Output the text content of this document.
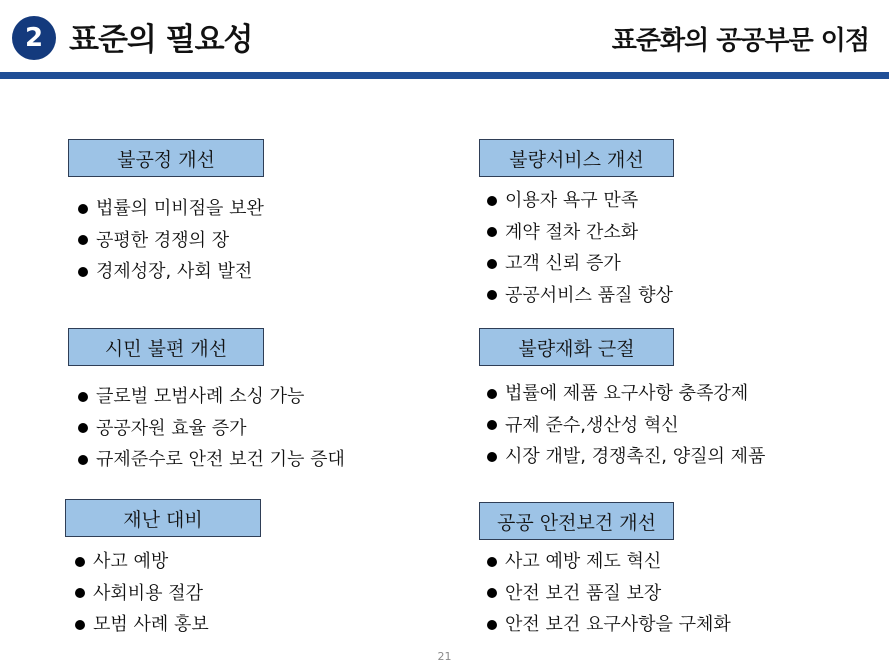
2 표준의 필요성	표준화의 공공부문 이점
불공정 개선
법률의 미비점을 보완
공평한 경쟁의 장
경제성장, 사회 발전
불량서비스 개선
이용자 욕구 만족
계약 절차 간소화
고객 신뢰 증가
공공서비스 품질 향상
시민 불편 개선
글로벌 모범사례 소싱 가능
공공자원 효율 증가
규제준수로 안전 보건 기능 증대
불량재화 근절
법률에 제품 요구사항 충족강제
규제 준수,생산성 혁신
시장 개발, 경쟁촉진, 양질의 제품
재난 대비
사고 예방
사회비용 절감
모범 사례 홍보
공공 안전보건 개선
사고 예방 제도 혁신
안전 보건 품질 보장
안전 보건 요구사항을 구체화
21
